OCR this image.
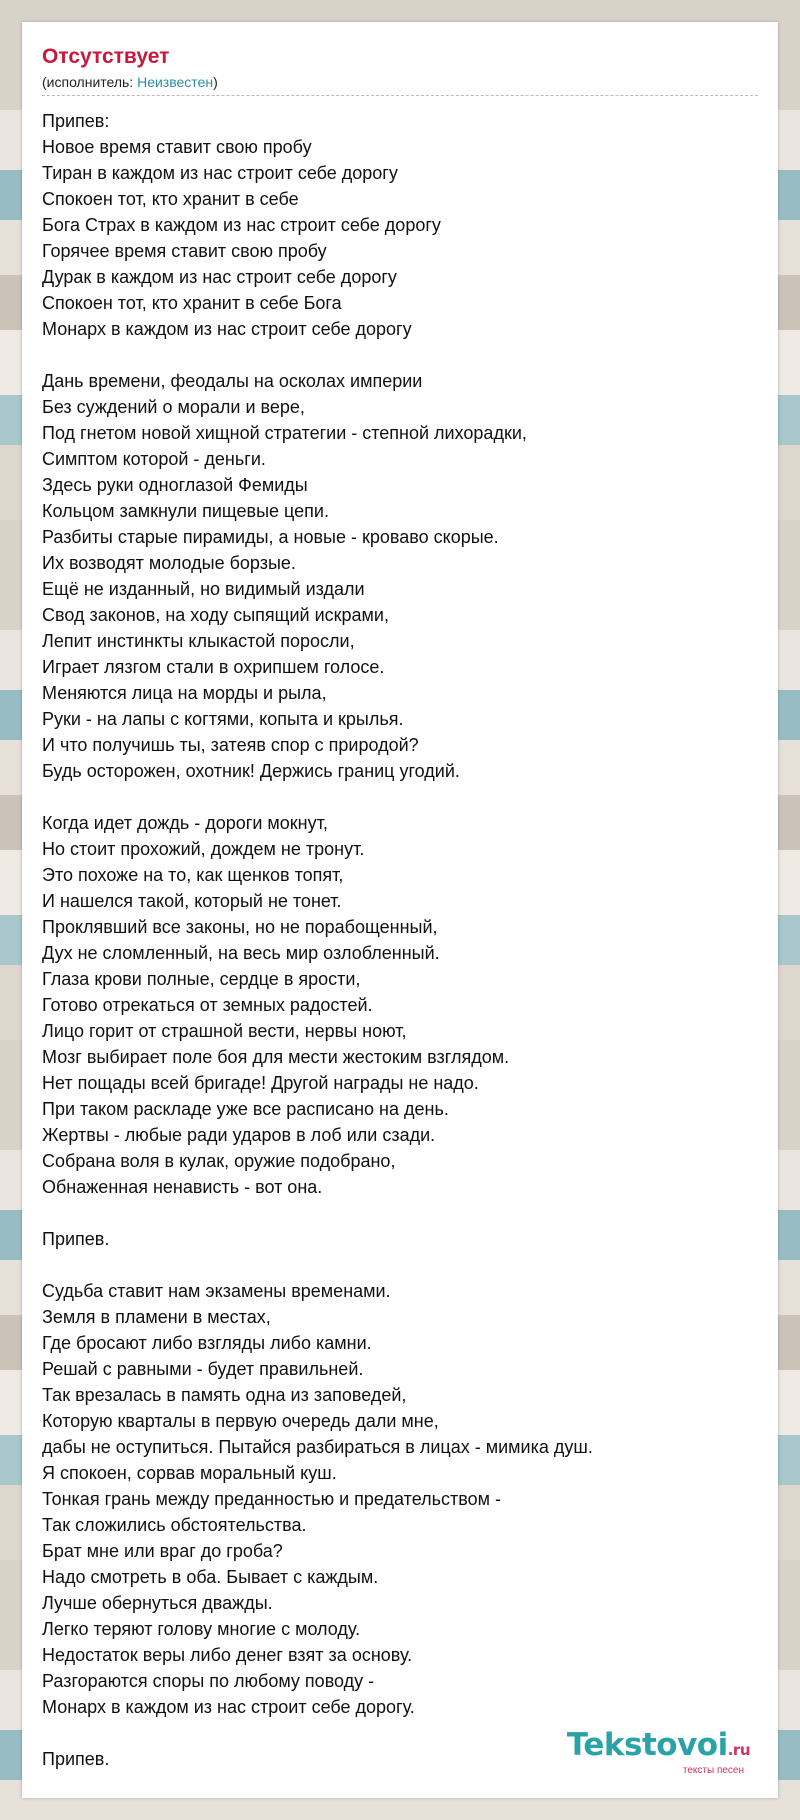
Отсутствует
(исполнитель: Неизвестен)
Припев:
Новое время ставит свою пробу
Тиран в каждом из нас строит себе дорогу
Спокоен тот, кто хранит в себе
Бога Страх в каждом из нас строит себе дорогу
Горячее время ставит свою пробу
Дурак в каждом из нас строит себе дорогу
Спокоен тот, кто хранит в себе Бога
Монарх в каждом из нас строит себе дорогу

Дань времени, феодалы на осколах империи
Без суждений о морали и вере,
Под гнетом новой хищной стратегии - степной лихорадки,
Симптом которой - деньги.
Здесь руки одноглазой Фемиды
Кольцом замкнули пищевые цепи.
Разбиты старые пирамиды, а новые - кроваво скорые.
Их возводят молодые борзые.
Ещё не изданный, но видимый издали
Свод законов, на ходу сыпящий искрами,
Лепит инстинкты клыкастой поросли,
Играет лязгом стали в охрипшем голосе.
Меняются лица на морды и рыла,
Руки - на лапы с когтями, копыта и крылья.
И что получишь ты, затеяв спор с природой?
Будь осторожен, охотник! Держись границ угодий.

Когда идет дождь - дороги мокнут,
Но стоит прохожий, дождем не тронут.
Это похоже на то, как щенков топят,
И нашелся такой, который не тонет.
Проклявший все законы, но не порабощенный,
Дух не сломленный, на весь мир озлобленный.
Глаза крови полные, сердце в ярости,
Готово отрекаться от земных радостей.
Лицо горит от страшной вести, нервы ноют,
Мозг выбирает поле боя для мести жестоким взглядом.
Нет пощады всей бригаде! Другой награды не надо.
При таком раскладе уже все расписано на день.
Жертвы - любые ради ударов в лоб или сзади.
Собрана воля в кулак, оружие подобрано,
Обнаженная ненависть - вот она.

Припев.

Судьба ставит нам экзамены временами.
Земля в пламени в местах,
Где бросают либо взгляды либо камни.
Решай с равными - будет правильней.
Так врезалась в память одна из заповедей,
Которую кварталы в первую очередь дали мне,
дабы не оступиться. Пытайся разбираться в лицах - мимика душ.
Я спокоен, сорвав моральный куш.
Тонкая грань между преданностью и предательством -
Так сложились обстоятельства.
Брат мне или враг до гроба?
Надо смотреть в оба. Бывает с каждым.
Лучше обернуться дважды.
Легко теряют голову многие с молоду.
Недостаток веры либо денег взят за основу.
Разгораются споры по любому поводу -
Монарх в каждом из нас строит себе дорогу.

Припев.	Tekstovoi.ru
тексты песен
